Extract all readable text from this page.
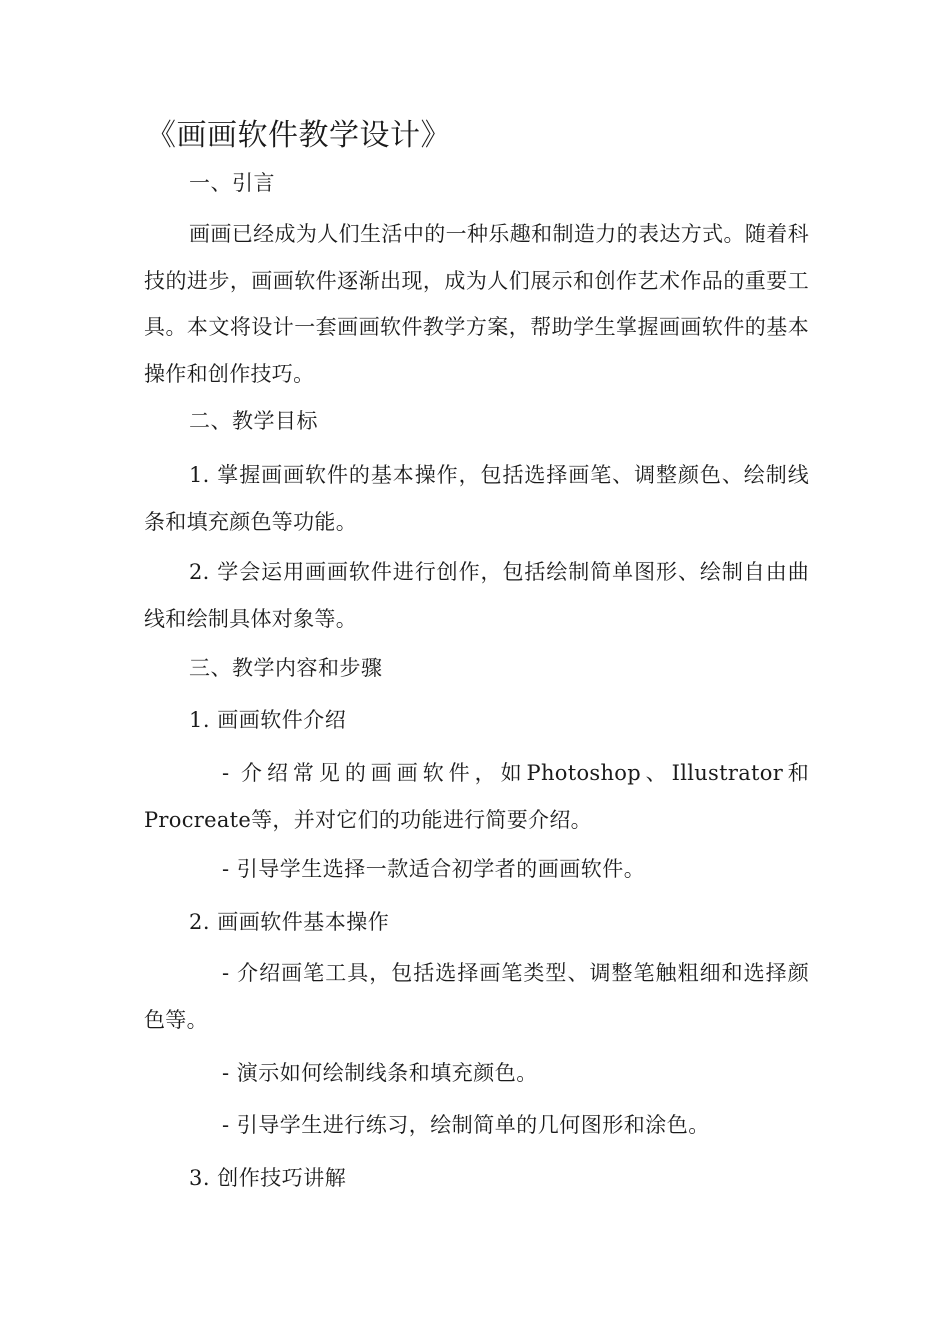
《画画软件教学设计》
一、引言

画画已经成为人们生活中的一种乐趣和制造力的表达方式。随着科技的进步，画画软件逐渐出现，成为人们展示和创作艺术作品的重要工具。本文将设计一套画画软件教学方案，帮助学生掌握画画软件的基本操作和创作技巧。

二、教学目标

1. 掌握画画软件的基本操作，包括选择画笔、调整颜色、绘制线条和填充颜色等功能。

2. 学会运用画画软件进行创作，包括绘制简单图形、绘制自由曲线和绘制具体对象等。

三、教学内容和步骤
1. 画画软件介绍

- 介绍常见的画画软件，如Photoshop、Illustrator和Procreate等，并对它们的功能进行简要介绍。

- 引导学生选择一款适合初学者的画画软件。
2. 画画软件基本操作

- 介绍画笔工具，包括选择画笔类型、调整笔触粗细和选择颜色等。

- 演示如何绘制线条和填充颜色。
- 引导学生进行练习，绘制简单的几何图形和涂色。
3. 创作技巧讲解
